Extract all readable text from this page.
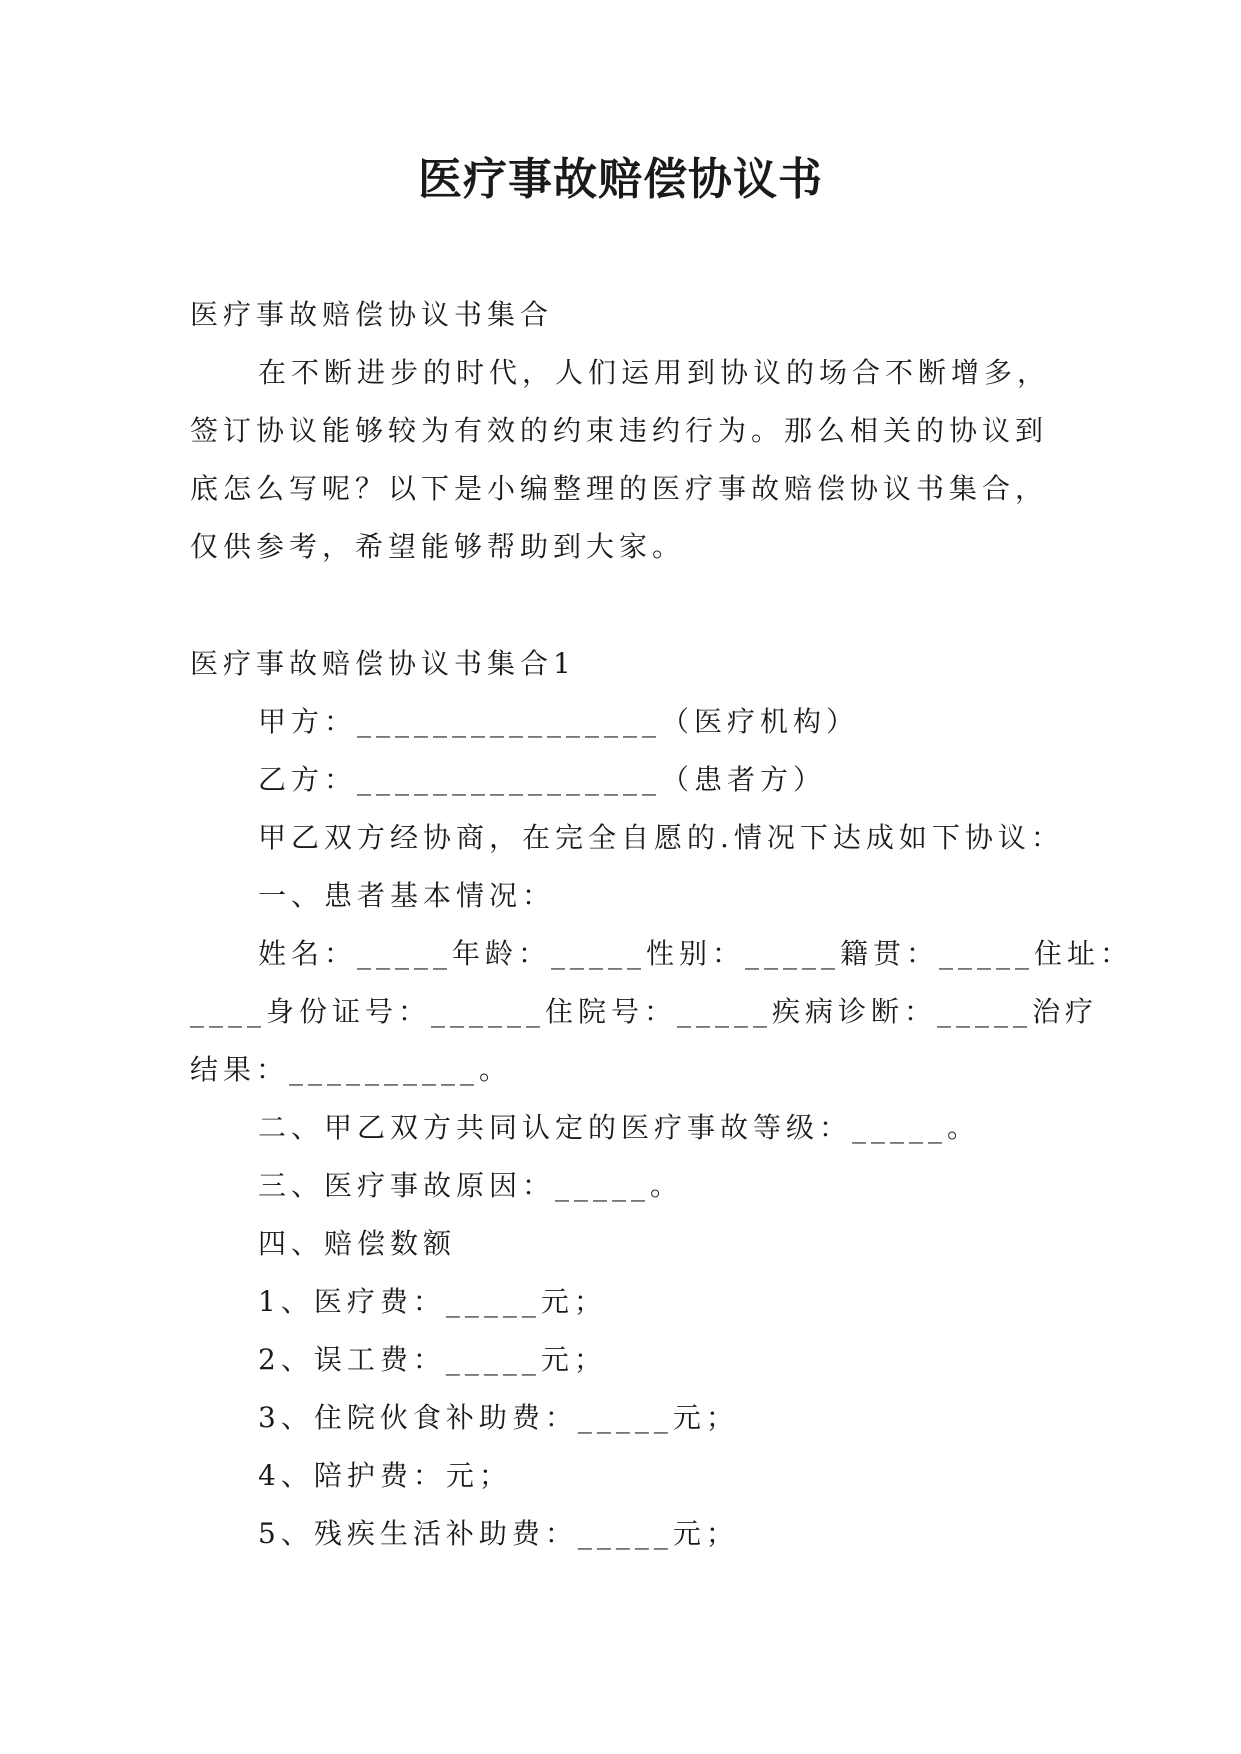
医疗事故赔偿协议书
医疗事故赔偿协议书集合
在不断进步的时代，人们运用到协议的场合不断增多，
签订协议能够较为有效的约束违约行为。那么相关的协议到
底怎么写呢？以下是小编整理的医疗事故赔偿协议书集合，
仅供参考，希望能够帮助到大家。
医疗事故赔偿协议书集合1
甲方：________________（医疗机构）
乙方：________________（患者方）
甲乙双方经协商，在完全自愿的.情况下达成如下协议：
一、患者基本情况：
姓名：_____年龄：_____性别：_____籍贯：_____住址：
____身份证号：______住院号：_____疾病诊断：_____治疗
结果：__________。
二、甲乙双方共同认定的医疗事故等级：_____。
三、医疗事故原因：_____。
四、赔偿数额
1、医疗费：_____元；
2、误工费：_____元；
3、住院伙食补助费：_____元；
4、陪护费：元；
5、残疾生活补助费：_____元；
